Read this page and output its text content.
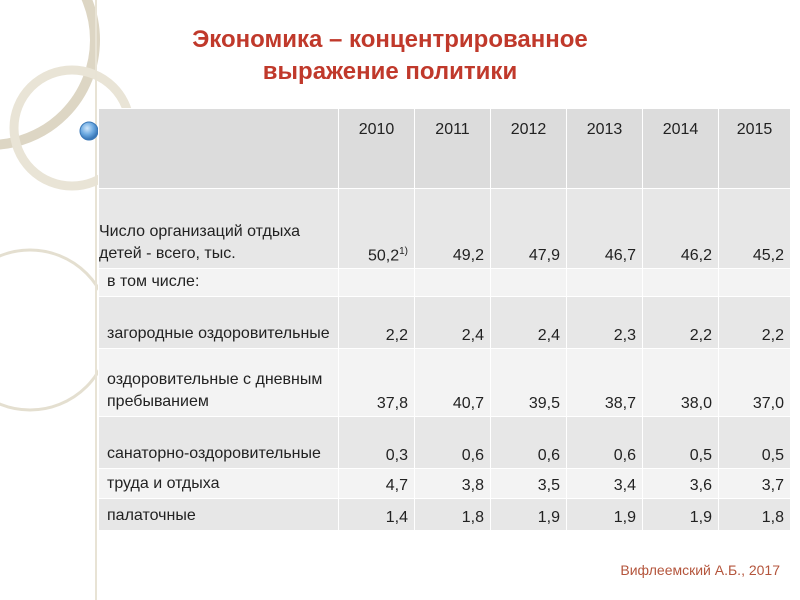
Экономика – концентрированное
выражение политики
	2010	2011	2012	2013	2014	2015
Число организаций отдыха детей - всего, тыс.	50,2$^{1)}$	49,2	47,9	46,7	46,2	45,2
в том числе:						
загородные оздоровительные	2,2	2,4	2,4	2,3	2,2	2,2
оздоровительные с дневным пребыванием	37,8	40,7	39,5	38,7	38,0	37,0
санаторно-оздоровительные	0,3	0,6	0,6	0,6	0,5	0,5
труда и отдыха	4,7	3,8	3,5	3,4	3,6	3,7
палаточные	1,4	1,8	1,9	1,9	1,9	1,8
Вифлеемский А.Б., 2017
